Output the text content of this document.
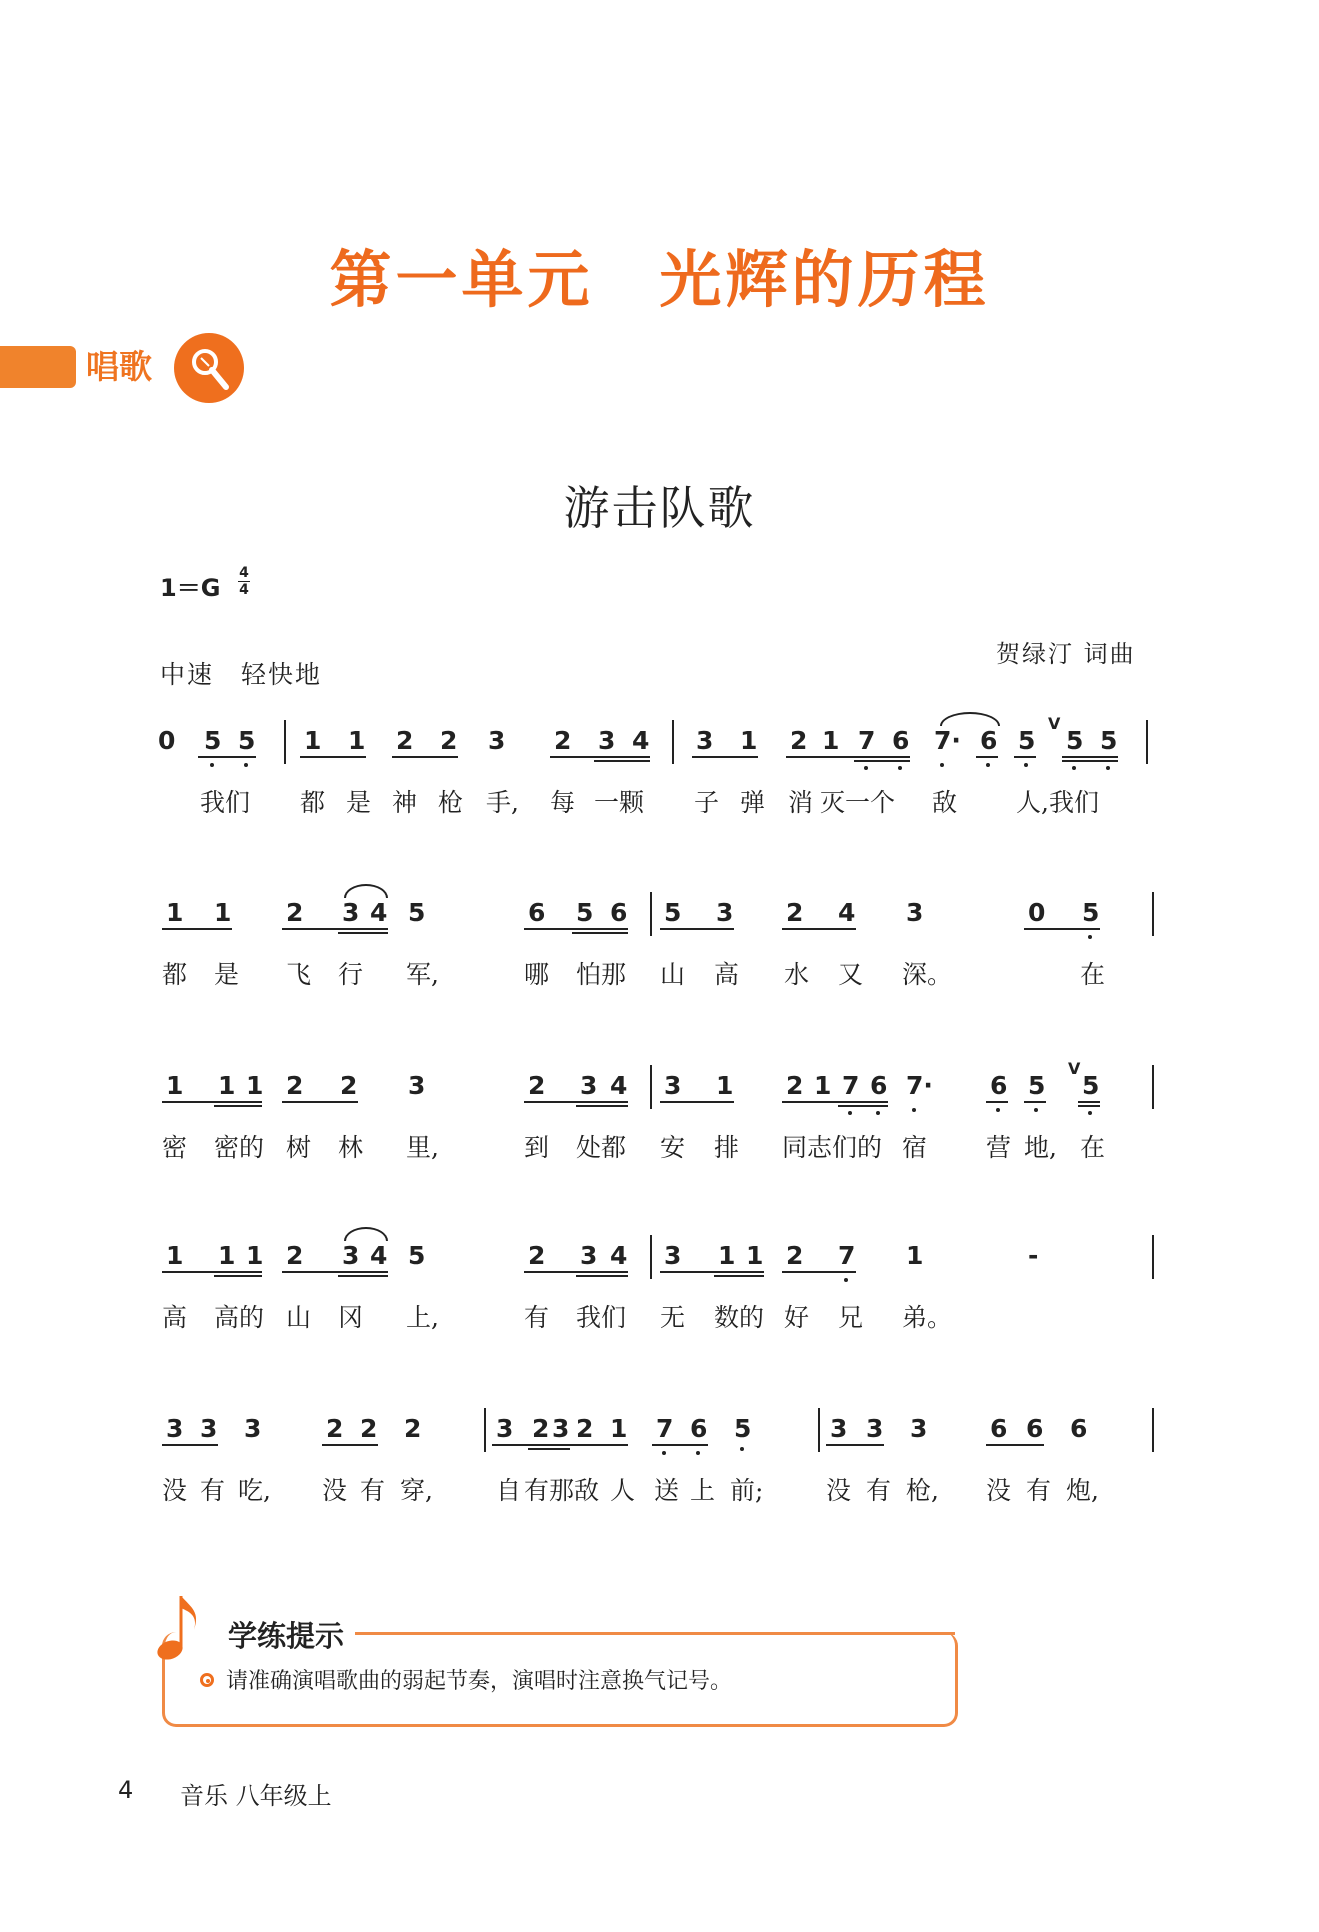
第一单元　光辉的历程
唱歌
游击队歌
1＝G
4
4
贺绿汀 词曲
中速　轻快地
0 5 5 1 1 2 2 3 2 3 4 3 1 2 1 7 6 7· 6 5
V
5 5
我们 都 是 神 枪 手, 每 一颗 子 弹 消 灭一个 敌 人,我们
1 1 2 3 4 5	6 5 6 5 3 2 4 3	0 5
都 是 飞 行 军,	哪 怕那 山 高 水 又 深。	在
1 1 1 2 2 3	2 3 4 3 1 2 1 7 6 7· 6 5
V
5
密 密的 树 林 里,	到 处都 安 排 同志们的 宿 营 地, 在
1 1 1 2 3 4 5	2 3 4 3 1 1 2 7 1	-
高 高的 山 冈 上,	有 我们 无 数的 好 兄 弟。
3 3 3	2 2 2	3 2 3 2 1 7 6 5	3 3 3	6 6 6
没 有 吃, 没 有 穿,	自 有那敌 人 送 上 前;	没 有 枪, 没 有 炮,
学练提示
请准确演唱歌曲的弱起节奏，演唱时注意换气记号。
4 音乐 八年级上
